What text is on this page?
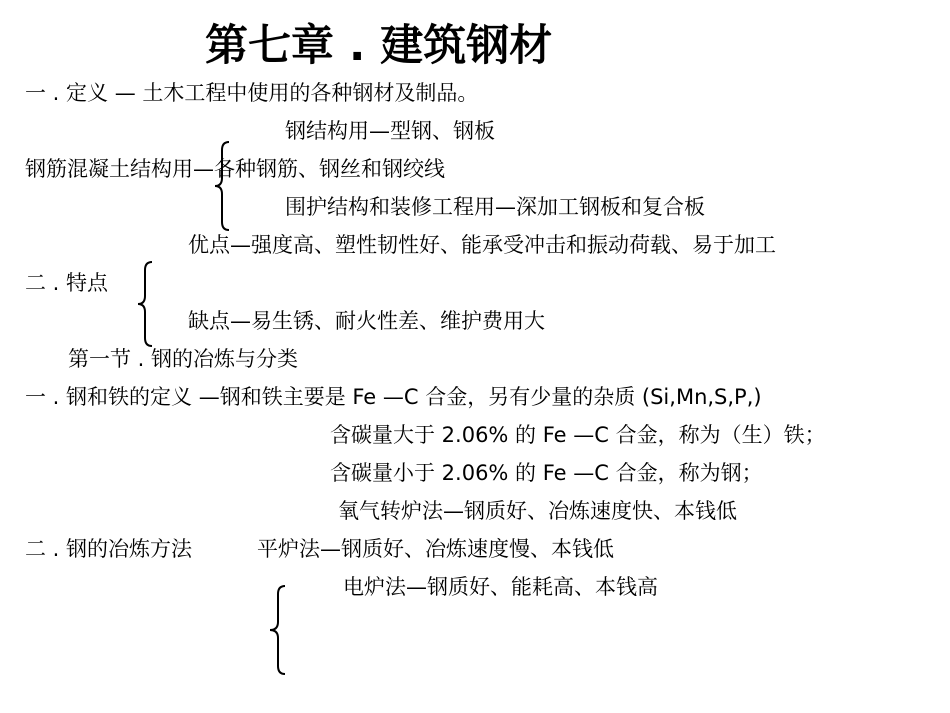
第七章 . 建筑钢材
一 . 定义 — 土木工程中使用的各种钢材及制品。
钢结构用—型钢、钢板
钢筋混凝土结构用—各种钢筋、钢丝和钢绞线
围护结构和装修工程用—深加工钢板和复合板
优点—强度高、塑性韧性好、能承受冲击和振动荷载、易于加工
二 . 特点
缺点—易生锈、耐火性差、维护费用大
第一节 . 钢的冶炼与分类
一 . 钢和铁的定义 —钢和铁主要是 Fe —C 合金，另有少量的杂质 (Si,Mn,S,P,)
含碳量大于 2.06% 的 Fe —C 合金，称为（生）铁；
含碳量小于 2.06% 的 Fe —C 合金，称为钢；
氧气转炉法—钢质好、冶炼速度快、本钱低
二 . 钢的冶炼方法	平炉法—钢质好、冶炼速度慢、本钱低
电炉法—钢质好、能耗高、本钱高
